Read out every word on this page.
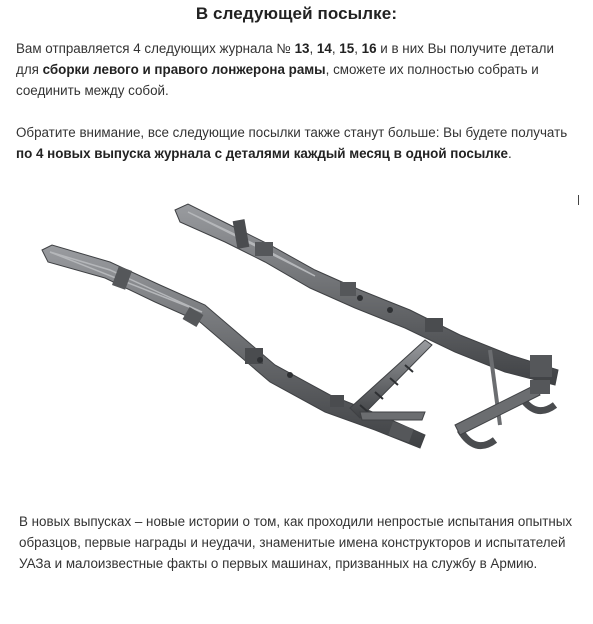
В следующей посылке:
Вам отправляется 4 следующих журнала № 13, 14, 15, 16 и в них Вы получите детали для сборки левого и правого лонжерона рамы, сможете их полностью собрать и соединить между собой.
Обратите внимание, все следующие посылки также станут больше: Вы будете получать по 4 новых выпуска журнала с деталями каждый месяц в одной посылке.
В новых выпусках – новые истории о том, как проходили непростые испытания опытных образцов, первые награды и неудачи, знаменитые имена конструкторов и испытателей УАЗа и малоизвестные факты о первых машинах, призванных на службу в Армию.
